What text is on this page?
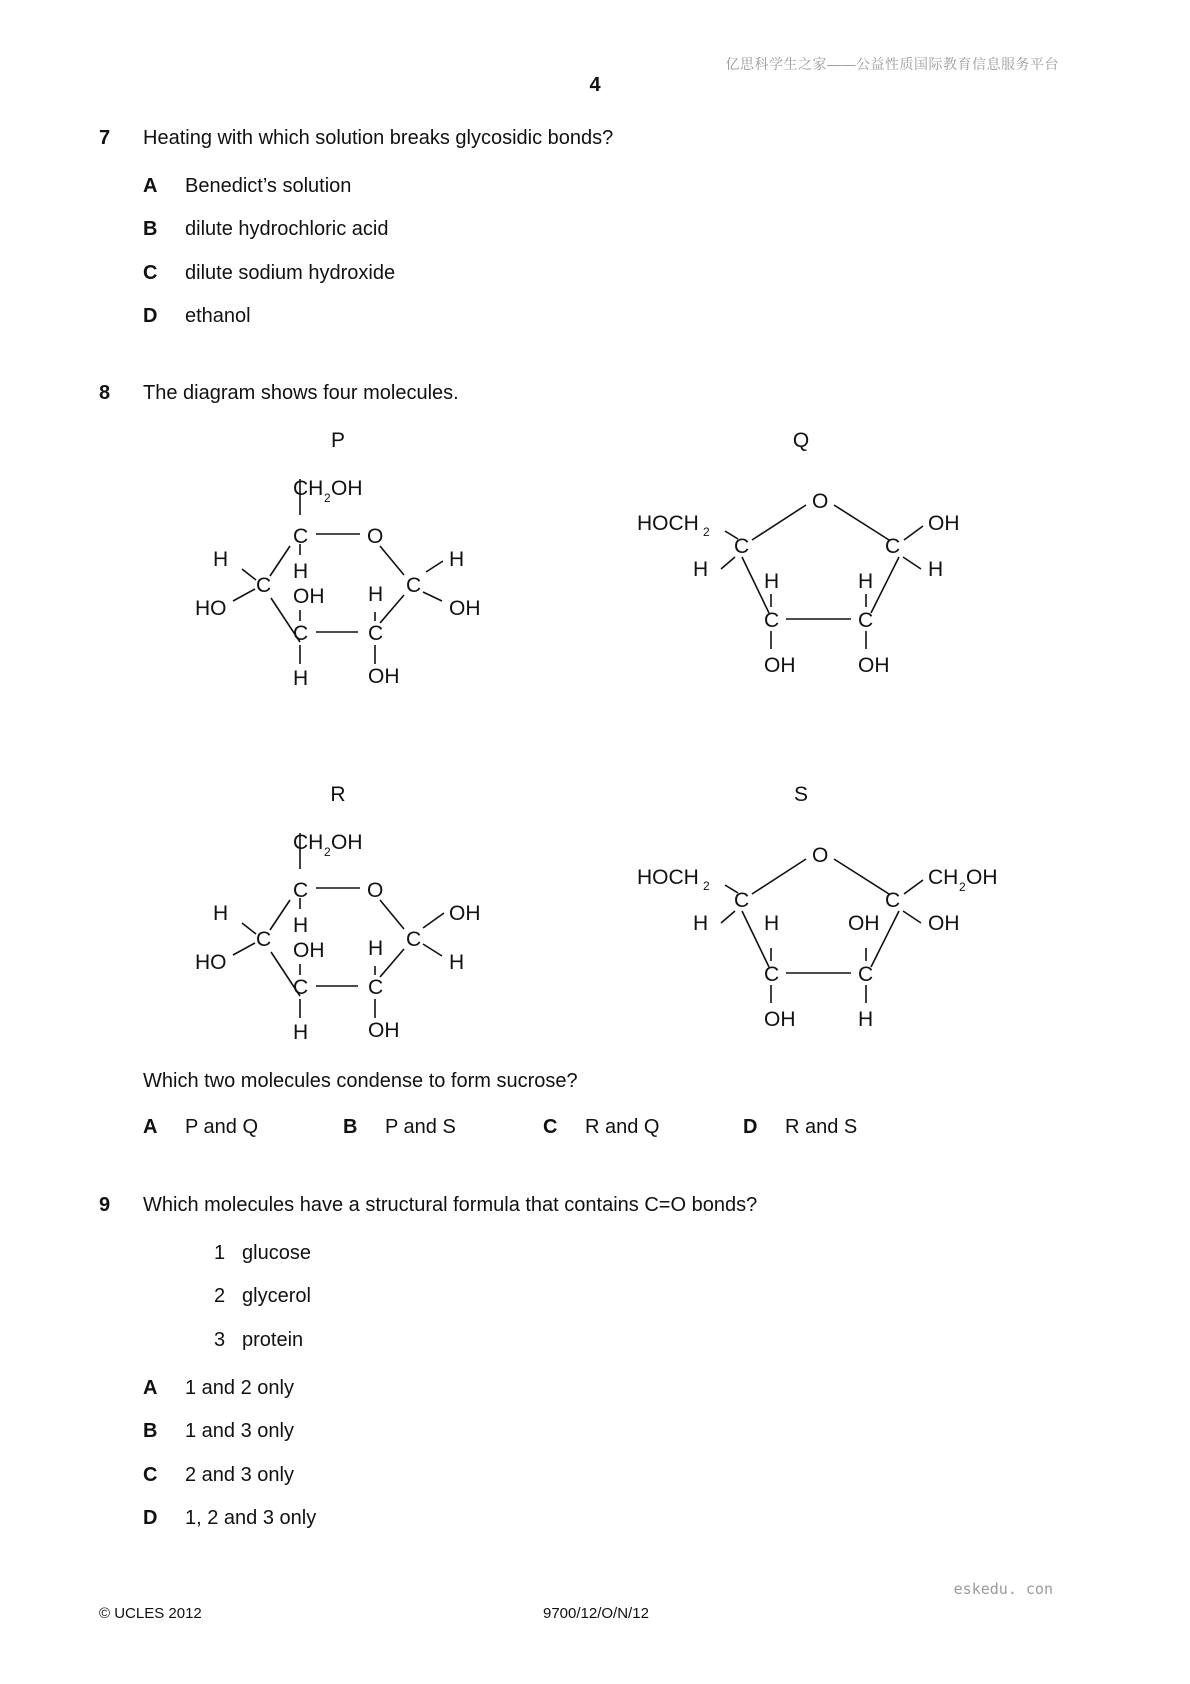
亿思科学生之家——公益性质国际教育信息服务平台
4
7 Heating with which solution breaks glycosidic bonds?
A Benedict’s solution
B dilute hydrochloric acid
C dilute sodium hydroxide
D ethanol
8 The diagram shows four molecules.
P	Q
R	S
CH 2 OH
C	O
H
H
C
HO
OH H C
H
OH
C	C
H	OH
O
HOCH 2
C
H
C
OH
H
H	H
C	C
OH	OH
CH 2 OH
C	O
H
H
C
HO
OH H C
OH
H
C	C
H	OH
O
HOCH 2
C
H
C
CH 2 OH
OH
H	OH
C	C
OH	H
Which two molecules condense to form sucrose?
A P and Q	B P and S	C R and Q	D R and S
9 Which molecules have a structural formula that contains C=O bonds?
1 glucose
2 glycerol
3 protein
A 1 and 2 only
B 1 and 3 only
C 2 and 3 only
D 1, 2 and 3 only
eskedu. con
© UCLES 2012	9700/12/O/N/12
